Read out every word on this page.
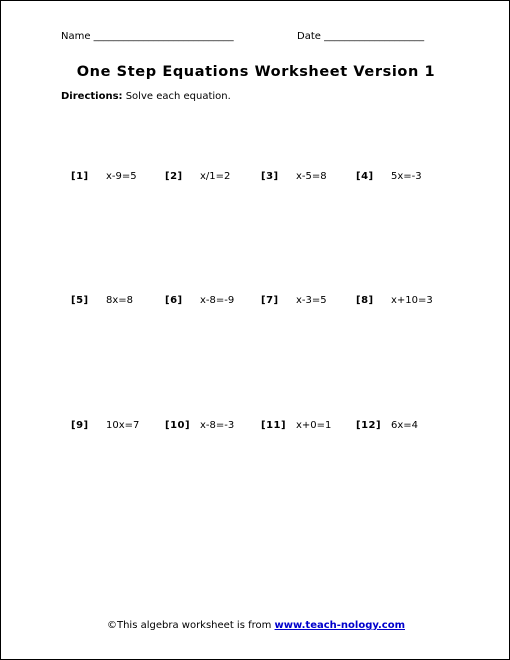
Name ____________________________	Date ____________________
One Step Equations Worksheet Version 1
Directions: Solve each equation.
[1] x-9=5	[2] x/1=2	[3] x-5=8	[4] 5x=-3
[5] 8x=8	[6] x-8=-9	[7] x-3=5	[8] x+10=3
[9] 10x=7	[10] x-8=-3	[11] x+0=1 [12] 6x=4
©This algebra worksheet is from www.teach-nology.com
